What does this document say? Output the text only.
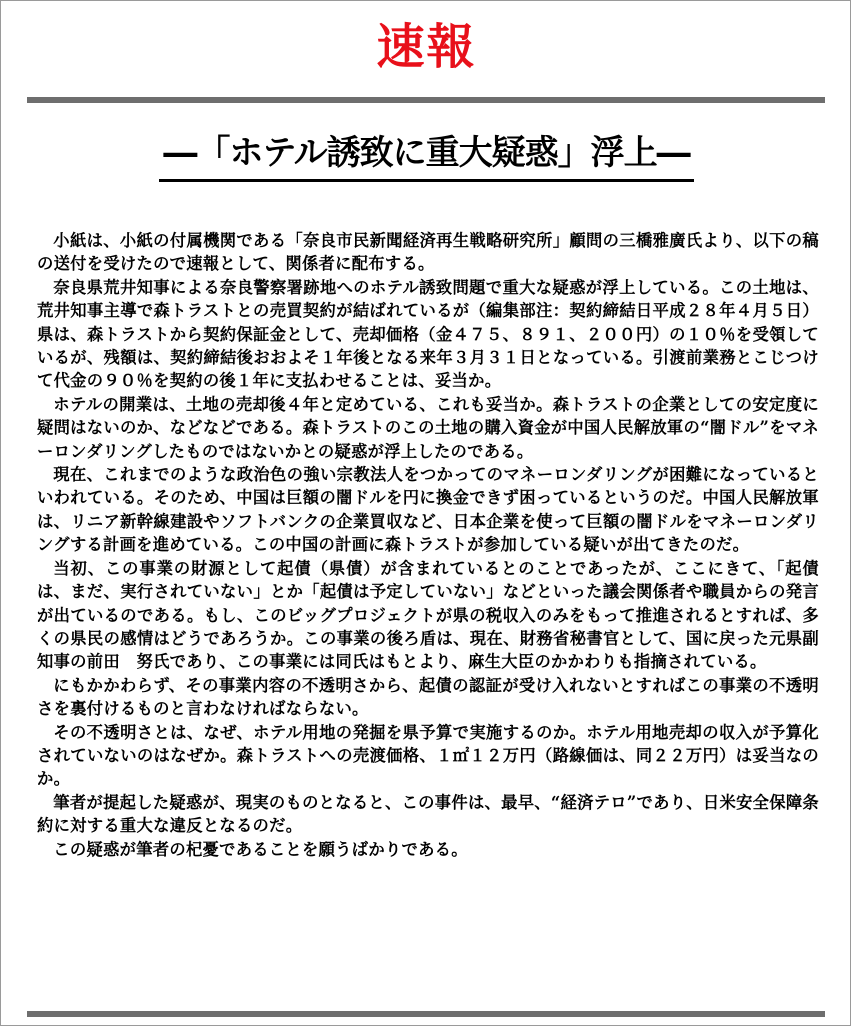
速報
―「ホテル誘致に重大疑惑」浮上―

小紙は、小紙の付属機関である「奈良市民新聞経済再生戦略研究所」顧問の三橋雅廣氏より、以下の稿の送付を受けたので速報として、関係者に配布する。

奈良県荒井知事による奈良警察署跡地へのホテル誘致問題で重大な疑惑が浮上している。この土地は、荒井知事主導で森トラストとの売買契約が結ばれているが（編集部注：契約締結日平成２８年４月５日）県は、森トラストから契約保証金として、売却価格（金４７５、８９１、２００円）の１０％を受領しているが、残額は、契約締結後おおよそ１年後となる来年３月３１日となっている。引渡前業務とこじつけて代金の９０％を契約の後１年に支払わせることは、妥当か。

ホテルの開業は、土地の売却後４年と定めている、これも妥当か。森トラストの企業としての安定度に疑問はないのか、などなどである。森トラストのこの土地の購入資金が中国人民解放軍の“闇ドル”をマネーロンダリングしたものではないかとの疑惑が浮上したのである。

現在、これまでのような政治色の強い宗教法人をつかってのマネーロンダリングが困難になっているといわれている。そのため、中国は巨額の闇ドルを円に換金できず困っているというのだ。中国人民解放軍は、リニア新幹線建設やソフトバンクの企業買収など、日本企業を使って巨額の闇ドルをマネーロンダリングする計画を進めている。この中国の計画に森トラストが参加している疑いが出てきたのだ。

当初、この事業の財源として起債（県債）が含まれているとのことであったが、ここにきて、「起債は、まだ、実行されていない」とか「起債は予定していない」などといった議会関係者や職員からの発言が出ているのである。もし、このビッグプロジェクトが県の税収入のみをもって推進されるとすれば、多くの県民の感情はどうであろうか。この事業の後ろ盾は、現在、財務省秘書官として、国に戻った元県副知事の前田　努氏であり、この事業には同氏はもとより、麻生大臣のかかわりも指摘されている。

にもかかわらず、その事業内容の不透明さから、起債の認証が受け入れないとすればこの事業の不透明さを裏付けるものと言わなければならない。

その不透明さとは、なぜ、ホテル用地の発掘を県予算で実施するのか。ホテル用地売却の収入が予算化されていないのはなぜか。森トラストへの売渡価格、１㎡１２万円（路線価は、同２２万円）は妥当なのか。

筆者が提起した疑惑が、現実のものとなると、この事件は、最早、“経済テロ”であり、日米安全保障条約に対する重大な違反となるのだ。

この疑惑が筆者の杞憂であることを願うばかりである。
